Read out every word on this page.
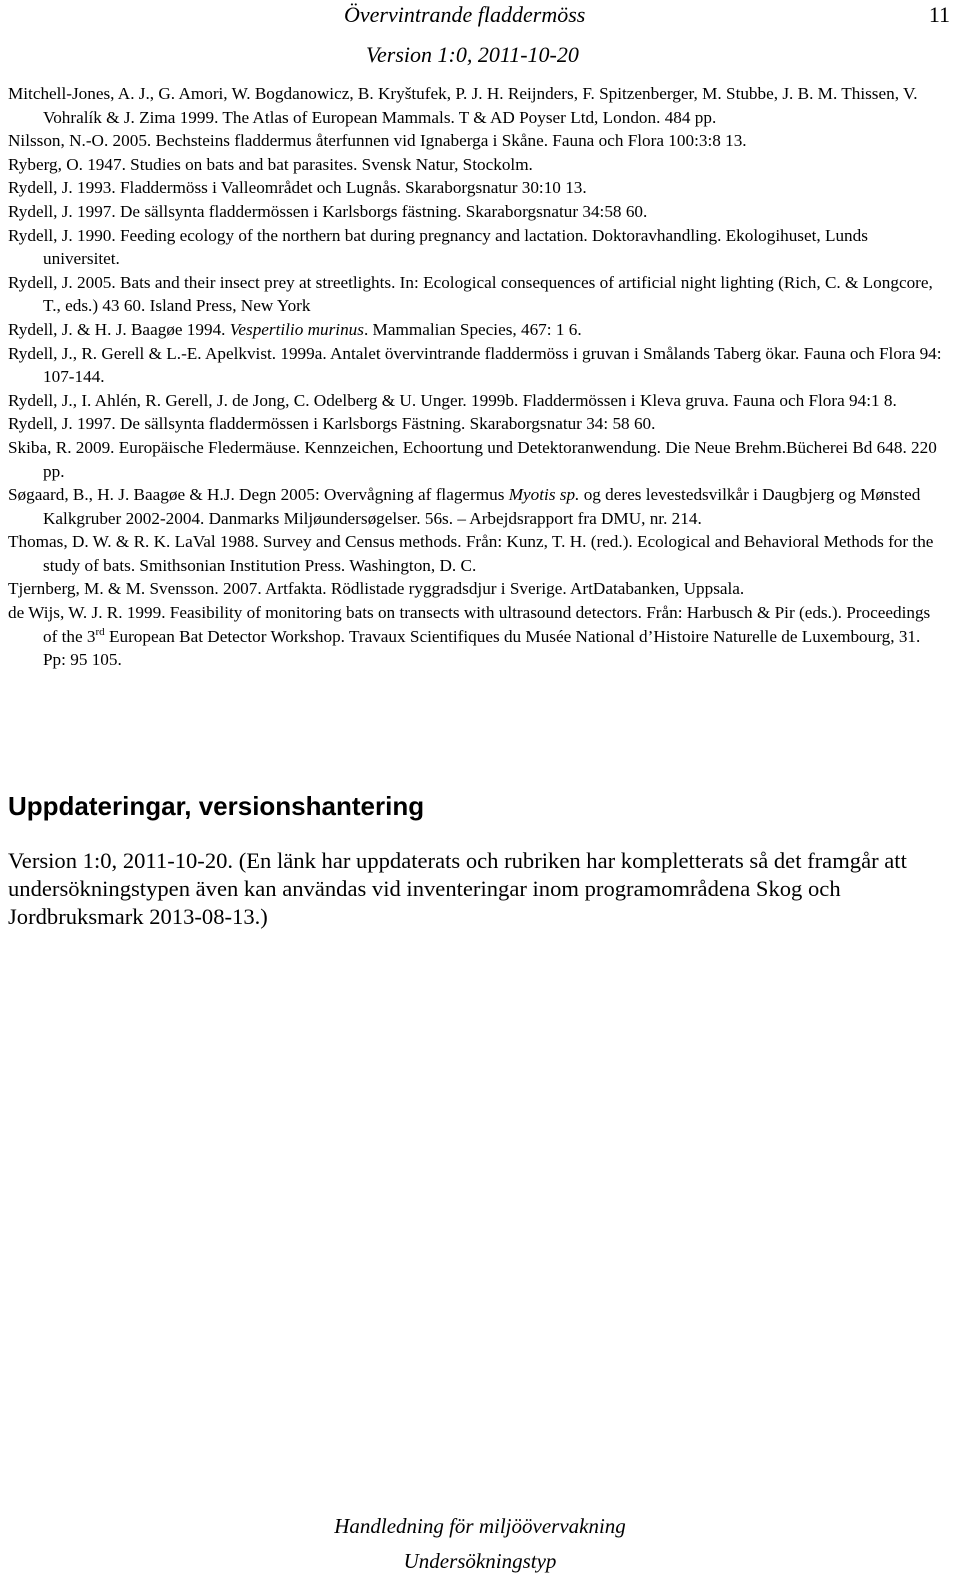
Övervintrande fladdermöss	11
Version 1:0, 2011-10-20

Mitchell-Jones, A. J., G. Amori, W. Bogdanowicz, B. Kryštufek, P. J. H. Reijnders, F. Spitzenberger, M. Stubbe, J. B. M. Thissen, V. Vohralík & J. Zima 1999. The Atlas of European Mammals. T & AD Poyser Ltd, London. 484 pp.

Nilsson, N.-O. 2005. Bechsteins fladdermus återfunnen vid Ignaberga i Skåne. Fauna och Flora 100:3:8 13.

Ryberg, O. 1947. Studies on bats and bat parasites. Svensk Natur, Stockolm.

Rydell, J. 1993. Fladdermöss i Valleområdet och Lugnås. Skaraborgsnatur 30:10 13.

Rydell, J. 1997. De sällsynta fladdermössen i Karlsborgs fästning. Skaraborgsnatur 34:58 60.

Rydell, J. 1990. Feeding ecology of the northern bat during pregnancy and lactation. Doktoravhandling. Ekologihuset, Lunds universitet.

Rydell, J. 2005. Bats and their insect prey at streetlights. In: Ecological consequences of artificial night lighting (Rich, C. & Longcore, T., eds.) 43 60. Island Press, New York

Rydell, J. & H. J. Baagøe 1994. Vespertilio murinus. Mammalian Species, 467: 1 6.

Rydell, J., R. Gerell & L.-E. Apelkvist. 1999a. Antalet övervintrande fladdermöss i gruvan i Smålands Taberg ökar. Fauna och Flora 94: 107-144.

Rydell, J., I. Ahlén, R. Gerell, J. de Jong, C. Odelberg & U. Unger. 1999b. Fladdermössen i Kleva gruva. Fauna och Flora 94:1 8.

Rydell, J. 1997. De sällsynta fladdermössen i Karlsborgs Fästning. Skaraborgsnatur 34: 58 60.

Skiba, R. 2009. Europäische Fledermäuse. Kennzeichen, Echoortung und Detektoranwendung. Die Neue Brehm.Bücherei Bd 648. 220 pp.

Søgaard, B., H. J. Baagøe & H.J. Degn 2005: Overvågning af flagermus Myotis sp. og deres levestedsvilkår i Daugbjerg og Mønsted Kalkgruber 2002-2004. Danmarks Miljøundersøgelser. 56s. – Arbejdsrapport fra DMU, nr. 214.

Thomas, D. W. & R. K. LaVal 1988. Survey and Census methods. Från: Kunz, T. H. (red.). Ecological and Behavioral Methods for the study of bats. Smithsonian Institution Press. Washington, D. C.

Tjernberg, M. & M. Svensson. 2007. Artfakta. Rödlistade ryggradsdjur i Sverige. ArtDatabanken, Uppsala.

de Wijs, W. J. R. 1999. Feasibility of monitoring bats on transects with ultrasound detectors. Från: Harbusch & Pir (eds.). Proceedings of the 3rd European Bat Detector Workshop. Travaux Scientifiques du Musée National d’Histoire Naturelle de Luxembourg, 31. Pp: 95 105.

Uppdateringar, versionshantering
Version 1:0, 2011-10-20. (En länk har uppdaterats och rubriken har kompletterats så det framgår att undersökningstypen även kan användas vid inventeringar inom programområdena Skog och Jordbruksmark 2013-08-13.)
Handledning för miljöövervakning
Undersökningstyp
